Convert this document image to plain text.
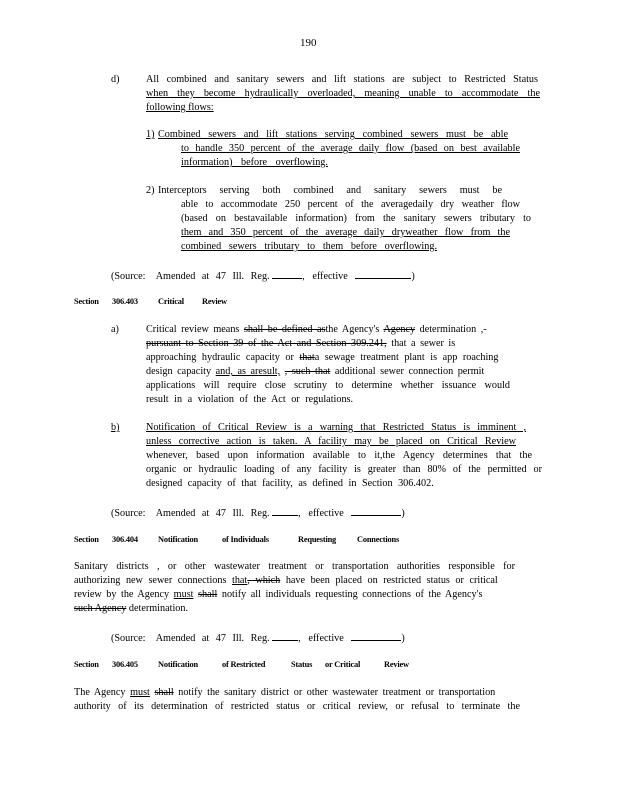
190
d)	All combined and sanitary sewers and lift stations are subject to Restricted Status
when they become hydraulically overloaded, meaning unable to accommodate the
following flows:
1) Combined sewers and lift stations serving combined sewers must be able
to handle 350 percent of the average daily flow (based on best available
information) before overflowing.
2) Interceptors serving both combined and sanitary sewers must be
able to accommodate 250 percent of the averagedaily dry weather flow
(based on bestavailable information) from the sanitary sewers tributary to
them and 350 percent of the average daily dryweather flow from the
combined sewers tributary to them before overflowing.
(Source: Amended at 47 Ill. Reg.	, effective	)
Section 306.403 Critical Review
a)	Critical review means shall be defined asthe Agency's Agency determination ,-
pursuant to Section 39 of the Act and Section 309.241, that a sewer is
approaching hydraulic capacity or thata sewage treatment plant is app roaching
design capacity and, as aresult, , such that additional sewer connection permit
applications will require close scrutiny to determine whether issuance would
result in a violation of the Act or regulations.
b)	Notification of Critical Review is a warning that Restricted Status is imminent ,
unless corrective action is taken. A facility may be placed on Critical Review
whenever, based upon information available to it,the Agency determines that the
organic or hydraulic loading of any facility is greater than 80% of the permitted or
designed capacity of that facility, as defined in Section 306.402.
(Source: Amended at 47 Ill. Reg.	, effective	)
Section 306.404 Notification	of Individuals	Requesting Connections
Sanitary districts , or other wastewater treatment or transportation authorities responsible for
authorizing new sewer connections that, which have been placed on restricted status or critical
review by the Agency must shall notify all individuals requesting connections of the Agency's
such Agency determination.
(Source: Amended at 47 Ill. Reg.	, effective	)
Section 306.405 Notification	of Restricted	Status or Critical	Review
The Agency must shall notify the sanitary district or other wastewater treatment or transportation
authority of its determination of restricted status or critical review, or refusal to terminate the
